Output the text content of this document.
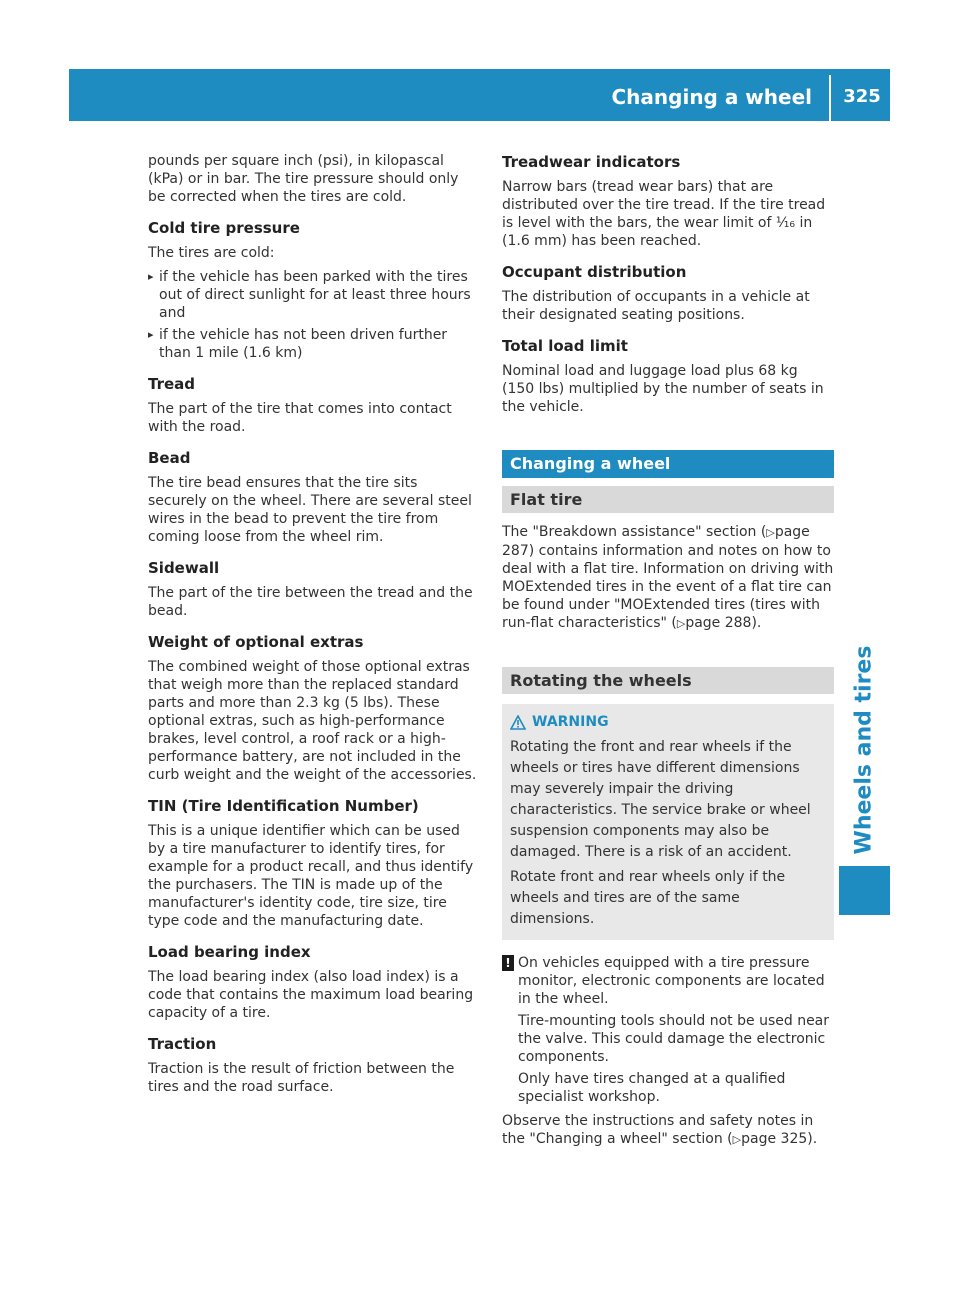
Changing a wheel 325
Wheels and tires

pounds per square inch (psi), in kilopascal (kPa) or in bar. The tire pressure should only be corrected when the tires are cold.

Cold tire pressure

The tires are cold:

▸ if the vehicle has been parked with the tires out of direct sunlight for at least three hours and
▸ if the vehicle has not been driven further than 1 mile (1.6 km)
Tread

The part of the tire that comes into contact with the road.

Bead

The tire bead ensures that the tire sits securely on the wheel. There are several steel wires in the bead to prevent the tire from coming loose from the wheel rim.

Sidewall

The part of the tire between the tread and the bead.

Weight of optional extras

The combined weight of those optional extras that weigh more than the replaced standard parts and more than 2.3 kg (5 lbs). These optional extras, such as high-performance brakes, level control, a roof rack or a high-performance battery, are not included in the curb weight and the weight of the accessories.

TIN (Tire Identification Number)

This is a unique identifier which can be used by a tire manufacturer to identify tires, for example for a product recall, and thus identify the purchasers. The TIN is made up of the manufacturer's identity code, tire size, tire type code and the manufacturing date.

Load bearing index

The load bearing index (also load index) is a code that contains the maximum load bearing capacity of a tire.

Traction

Traction is the result of friction between the tires and the road surface.

Treadwear indicators

Narrow bars (tread wear bars) that are distributed over the tire tread. If the tire tread is level with the bars, the wear limit of ¹⁄₁₆ in (1.6 mm) has been reached.

Occupant distribution

The distribution of occupants in a vehicle at their designated seating positions.

Total load limit

Nominal load and luggage load plus 68 kg (150 lbs) multiplied by the number of seats in the vehicle.

Changing a wheel
Flat tire

The "Breakdown assistance" section (▷page 287) contains information and notes on how to deal with a flat tire. Information on driving with MOExtended tires in the event of a flat tire can be found under "MOExtended tires (tires with run-flat characteristics" (▷page 288).

Rotating the wheels
WARNING

Rotating the front and rear wheels if the wheels or tires have different dimensions may severely impair the driving characteristics. The service brake or wheel suspension components may also be damaged. There is a risk of an accident.

Rotate front and rear wheels only if the wheels and tires are of the same dimensions.

! On vehicles equipped with a tire pressure monitor, electronic components are located in the wheel.

Tire-mounting tools should not be used near the valve. This could damage the electronic components.

Only have tires changed at a qualified specialist workshop.

Observe the instructions and safety notes in the "Changing a wheel" section (▷page 325).
